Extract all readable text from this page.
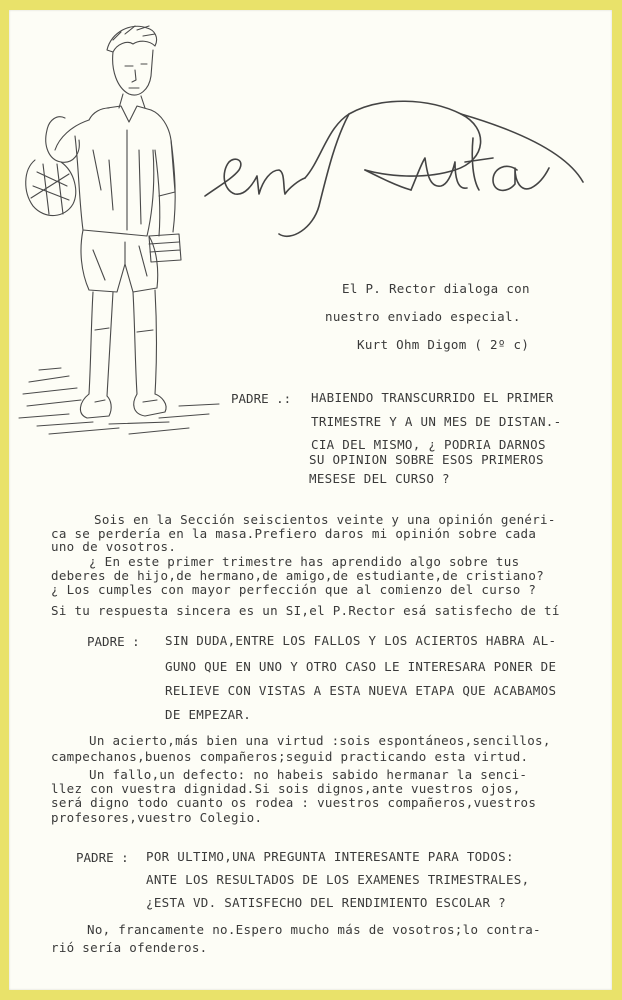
El P. Rector dialoga con
nuestro enviado especial.
Kurt Ohm Digom ( 2º c)
PADRE .: HABIENDO TRANSCURRIDO EL PRIMER
TRIMESTRE Y A UN MES DE DISTAN.-
CIA DEL MISMO, ¿ PODRIA DARNOS
SU OPINION SOBRE ESOS PRIMEROS
MESESE DEL CURSO ?
Sois en la Sección seiscientos veinte y una opinión genéri-
ca se perdería en la masa.Prefiero daros mi opinión sobre cada
uno de vosotros.
¿ En este primer trimestre has aprendido algo sobre tus
deberes de hijo,de hermano,de amigo,de estudiante,de cristiano?
¿ Los cumples con mayor perfección que al comienzo del curso ?
Si tu respuesta sincera es un SI,el P.Rector esá satisfecho de tí
PADRE : SIN DUDA,ENTRE LOS FALLOS Y LOS ACIERTOS HABRA AL-
GUNO QUE EN UNO Y OTRO CASO LE INTERESARA PONER DE
RELIEVE CON VISTAS A ESTA NUEVA ETAPA QUE ACABAMOS
DE EMPEZAR.
Un acierto,más bien una virtud :sois espontáneos,sencillos,
campechanos,buenos compañeros;seguid practicando esta virtud.
Un fallo,un defecto: no habeis sabido hermanar la senci-
llez con vuestra dignidad.Si sois dignos,ante vuestros ojos,
será digno todo cuanto os rodea : vuestros compañeros,vuestros
profesores,vuestro Colegio.
PADRE : POR ULTIMO,UNA PREGUNTA INTERESANTE PARA TODOS:
ANTE LOS RESULTADOS DE LOS EXAMENES TRIMESTRALES,
¿ESTA VD. SATISFECHO DEL RENDIMIENTO ESCOLAR ?
No, francamente no.Espero mucho más de vosotros;lo contra-
rió sería ofenderos.
